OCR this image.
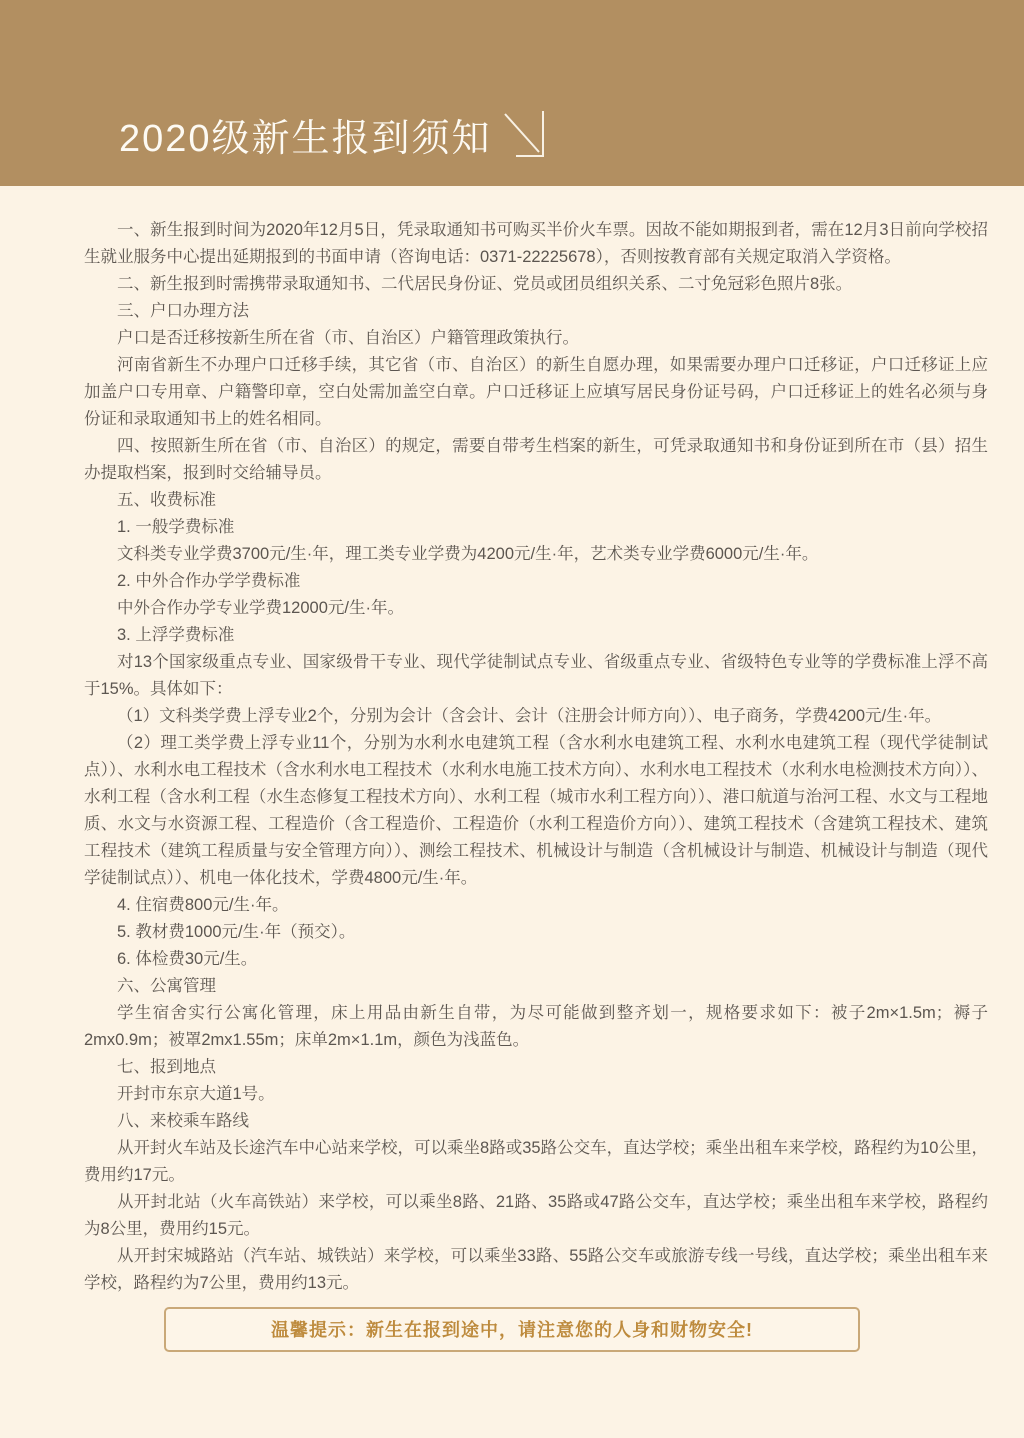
2020级新生报到须知

一、新生报到时间为2020年12月5日，凭录取通知书可购买半价火车票。因故不能如期报到者，需在12月3日前向学校招生就业服务中心提出延期报到的书面申请（咨询电话：0371-22225678），否则按教育部有关规定取消入学资格。

二、新生报到时需携带录取通知书、二代居民身份证、党员或团员组织关系、二寸免冠彩色照片8张。

三、户口办理方法

户口是否迁移按新生所在省（市、自治区）户籍管理政策执行。

河南省新生不办理户口迁移手续，其它省（市、自治区）的新生自愿办理，如果需要办理户口迁移证，户口迁移证上应加盖户口专用章、户籍警印章，空白处需加盖空白章。户口迁移证上应填写居民身份证号码，户口迁移证上的姓名必须与身份证和录取通知书上的姓名相同。

四、按照新生所在省（市、自治区）的规定，需要自带考生档案的新生，可凭录取通知书和身份证到所在市（县）招生办提取档案，报到时交给辅导员。

五、收费标准

1. 一般学费标准

文科类专业学费3700元/生·年，理工类专业学费为4200元/生·年，艺术类专业学费6000元/生·年。

2. 中外合作办学学费标准

中外合作办学专业学费12000元/生·年。

3. 上浮学费标准

对13个国家级重点专业、国家级骨干专业、现代学徒制试点专业、省级重点专业、省级特色专业等的学费标准上浮不高于15%。具体如下：

（1）文科类学费上浮专业2个，分别为会计（含会计、会计（注册会计师方向））、电子商务，学费4200元/生·年。

（2）理工类学费上浮专业11个，分别为水利水电建筑工程（含水利水电建筑工程、水利水电建筑工程（现代学徒制试点））、水利水电工程技术（含水利水电工程技术（水利水电施工技术方向）、水利水电工程技术（水利水电检测技术方向））、水利工程（含水利工程（水生态修复工程技术方向）、水利工程（城市水利工程方向））、港口航道与治河工程、水文与工程地质、水文与水资源工程、工程造价（含工程造价、工程造价（水利工程造价方向））、建筑工程技术（含建筑工程技术、建筑工程技术（建筑工程质量与安全管理方向））、测绘工程技术、机械设计与制造（含机械设计与制造、机械设计与制造（现代学徒制试点））、机电一体化技术，学费4800元/生·年。

4. 住宿费800元/生·年。

5. 教材费1000元/生·年（预交）。

6. 体检费30元/生。

六、公寓管理

学生宿舍实行公寓化管理，床上用品由新生自带，为尽可能做到整齐划一，规格要求如下：被子2m×1.5m；褥子2mx0.9m；被罩2mx1.55m；床单2m×1.1m，颜色为浅蓝色。

七、报到地点

开封市东京大道1号。

八、来校乘车路线

从开封火车站及长途汽车中心站来学校，可以乘坐8路或35路公交车，直达学校；乘坐出租车来学校，路程约为10公里，费用约17元。

从开封北站（火车高铁站）来学校，可以乘坐8路、21路、35路或47路公交车，直达学校；乘坐出租车来学校，路程约为8公里，费用约15元。

从开封宋城路站（汽车站、城铁站）来学校，可以乘坐33路、55路公交车或旅游专线一号线，直达学校；乘坐出租车来学校，路程约为7公里，费用约13元。

温馨提示：新生在报到途中，请注意您的人身和财物安全!
